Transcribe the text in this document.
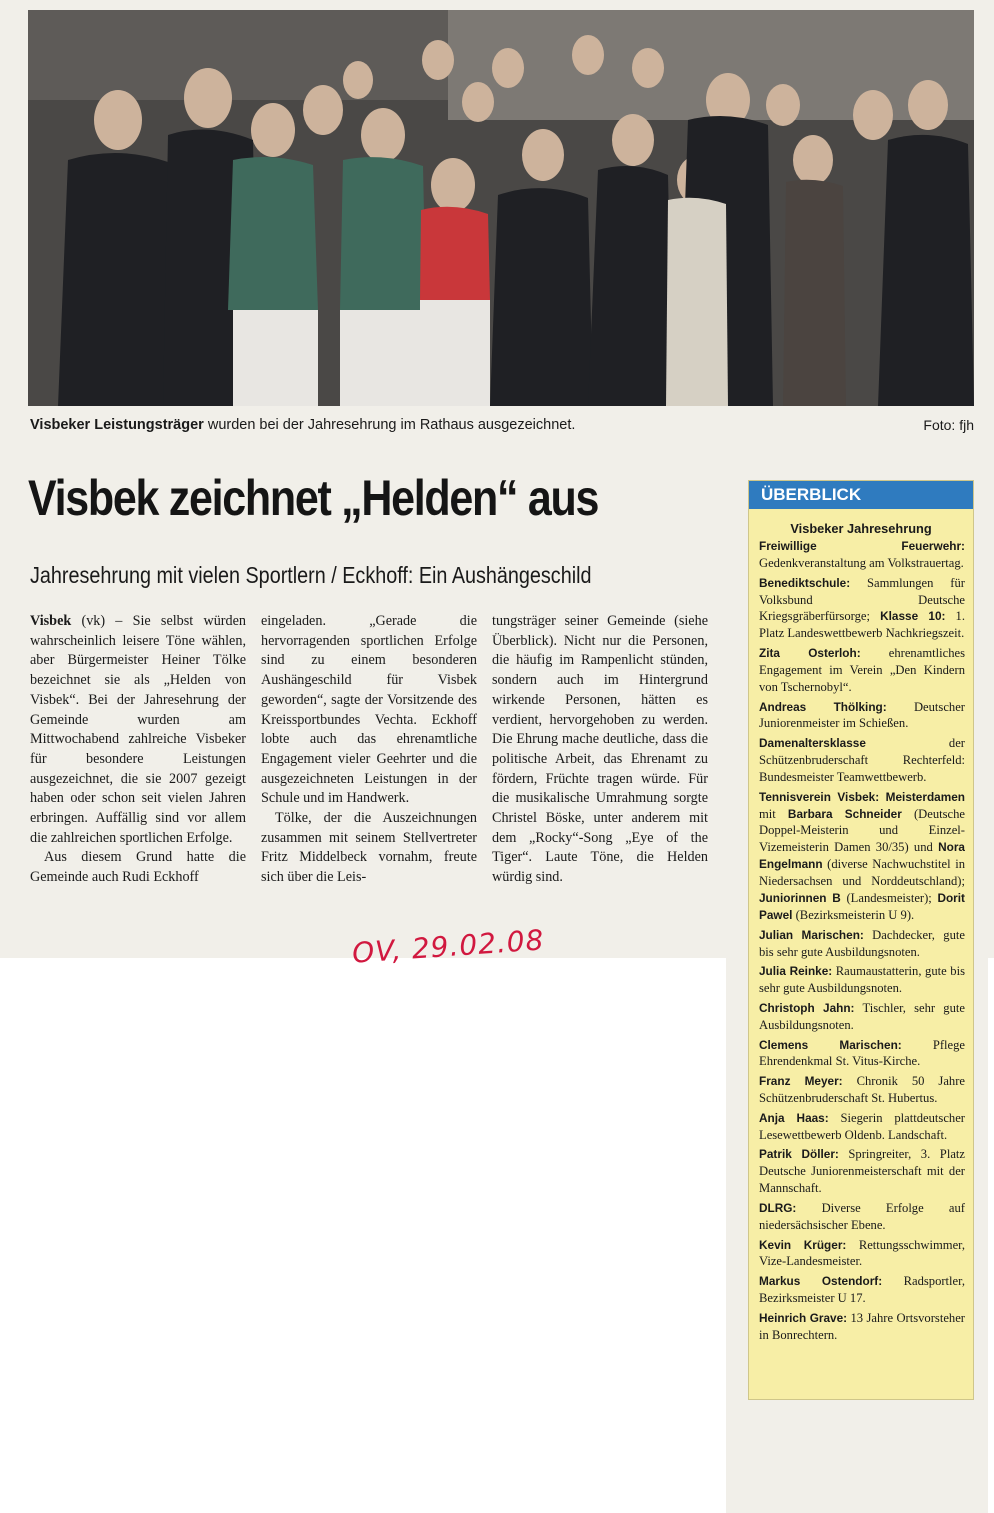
Visbeker Leistungsträger wurden bei der Jahresehrung im Rathaus ausgezeichnet.	Foto: fjh
Visbek zeichnet „Helden“ aus
Jahresehrung mit vielen Sportlern / Eckhoff: Ein Aushängeschild

Visbek (vk) – Sie selbst würden wahrscheinlich leisere Töne wählen, aber Bürgermeister Heiner Tölke bezeichnet sie als „Helden von Visbek“. Bei der Jahresehrung der Gemeinde wurden am Mittwochabend zahlreiche Visbeker für besondere Leistungen ausgezeichnet, die sie 2007 gezeigt haben oder schon seit vielen Jahren erbringen. Auffällig sind vor allem die zahlreichen sportlichen Erfolge.

Aus diesem Grund hatte die Gemeinde auch Rudi Eckhoff

eingeladen. „Gerade die hervorragenden sportlichen Erfolge sind zu einem besonderen Aushängeschild für Visbek geworden“, sagte der Vorsitzende des Kreissportbundes Vechta. Eckhoff lobte auch das ehrenamtliche Engagement vieler Geehrter und die ausgezeichneten Leistungen in der Schule und im Handwerk.

Tölke, der die Auszeichnungen zusammen mit seinem Stellvertreter Fritz Middelbeck vornahm, freute sich über die Leis-

tungsträger seiner Gemeinde (siehe Überblick). Nicht nur die Personen, die häufig im Rampenlicht stünden, sondern auch im Hintergrund wirkende Personen, hätten es verdient, hervorgehoben zu werden. Die Ehrung mache deutliche, dass die politische Arbeit, das Ehrenamt zu fördern, Früchte tragen würde. Für die musikalische Umrahmung sorgte Christel Böske, unter anderem mit dem „Rocky“-Song „Eye of the Tiger“. Laute Töne, die Helden würdig sind.

OV, 29.02.08
ÜBERBLICK
Visbeker Jahresehrung

Freiwillige Feuerwehr: Gedenkveranstaltung am Volkstrauertag.

Benediktschule: Sammlungen für Volksbund Deutsche Kriegsgräberfürsorge; Klasse 10: 1. Platz Landeswettbewerb Nachkriegszeit.

Zita Osterloh: ehrenamtliches Engagement im Verein „Den Kindern von Tschernobyl“.

Andreas Thölking: Deutscher Juniorenmeister im Schießen.

Damenaltersklasse der Schützenbruderschaft Rechterfeld: Bundesmeister Teamwettbewerb.

Tennisverein Visbek: Meisterdamen mit Barbara Schneider (Deutsche Doppel-Meisterin und Einzel-Vizemeisterin Damen 30/35) und Nora Engelmann (diverse Nachwuchstitel in Niedersachsen und Norddeutschland); Juniorinnen B (Landesmeister); Dorit Pawel (Bezirksmeisterin U 9).

Julian Marischen: Dachdecker, gute bis sehr gute Ausbildungsnoten.

Julia Reinke: Raumaustatterin, gute bis sehr gute Ausbildungsnoten.

Christoph Jahn: Tischler, sehr gute Ausbildungsnoten.

Clemens Marischen: Pflege Ehrendenkmal St. Vitus-Kirche.

Franz Meyer: Chronik 50 Jahre Schützenbruderschaft St. Hubertus.

Anja Haas: Siegerin plattdeutscher Lesewettbewerb Oldenb. Landschaft.

Patrik Döller: Springreiter, 3. Platz Deutsche Juniorenmeisterschaft mit der Mannschaft.

DLRG: Diverse Erfolge auf niedersächsischer Ebene.

Kevin Krüger: Rettungsschwimmer, Vize-Landesmeister.

Markus Ostendorf: Radsportler, Bezirksmeister U 17.

Heinrich Grave: 13 Jahre Ortsvorsteher in Bonrechtern.
